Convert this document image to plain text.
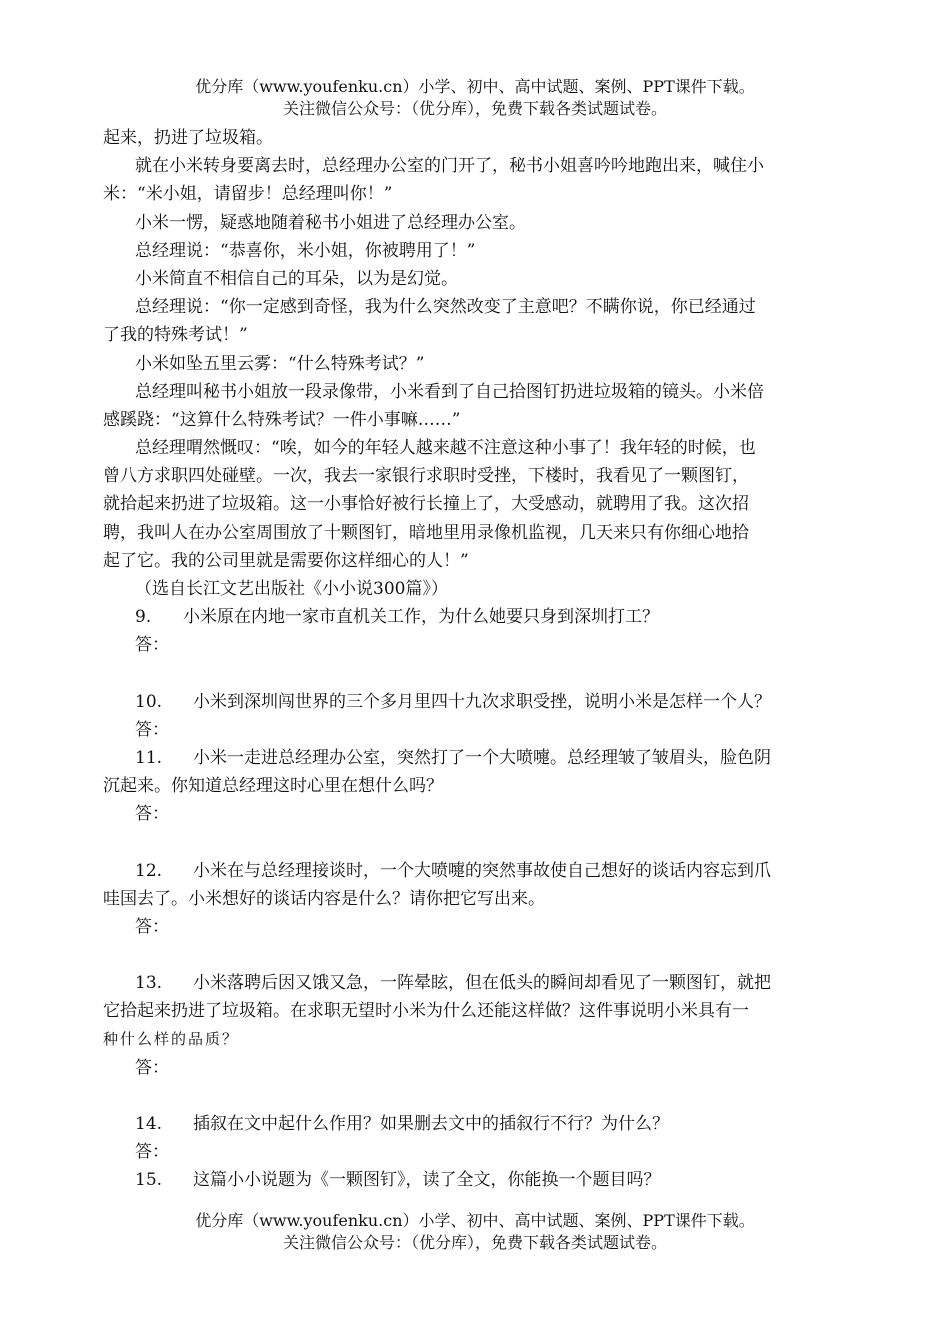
优分库（www.youfenku.cn）小学、初中、高中试题、案例、PPT课件下载。
关注微信公众号：（优分库），免费下载各类试题试卷。
起来，扔进了垃圾箱。
就在小米转身要离去时，总经理办公室的门开了，秘书小姐喜吟吟地跑出来，喊住小
米：“米小姐，请留步！总经理叫你！”
小米一愣，疑惑地随着秘书小姐进了总经理办公室。
总经理说：“恭喜你，米小姐，你被聘用了！”
小米简直不相信自己的耳朵，以为是幻觉。
总经理说：“你一定感到奇怪，我为什么突然改变了主意吧？不瞒你说，你已经通过
了我的特殊考试！”
小米如坠五里云雾：“什么特殊考试？”
总经理叫秘书小姐放一段录像带，小米看到了自己拾图钉扔进垃圾箱的镜头。小米倍
感蹊跷：“这算什么特殊考试？一件小事嘛……”
总经理喟然慨叹：“唉，如今的年轻人越来越不注意这种小事了！我年轻的时候，也
曾八方求职四处碰壁。一次，我去一家银行求职时受挫，下楼时，我看见了一颗图钉，
就拾起来扔进了垃圾箱。这一小事恰好被行长撞上了，大受感动，就聘用了我。这次招
聘，我叫人在办公室周围放了十颗图钉，暗地里用录像机监视，几天来只有你细心地拾
起了它。我的公司里就是需要你这样细心的人！”
（选自长江文艺出版社《小小说300篇》）
9. 小米原在内地一家市直机关工作，为什么她要只身到深圳打工？
答：
10. 小米到深圳闯世界的三个多月里四十九次求职受挫，说明小米是怎样一个人？
答：
11. 小米一走进总经理办公室，突然打了一个大喷嚏。总经理皱了皱眉头，脸色阴
沉起来。你知道总经理这时心里在想什么吗？
答：
12. 小米在与总经理接谈时，一个大喷嚏的突然事故使自己想好的谈话内容忘到爪
哇国去了。小米想好的谈话内容是什么？请你把它写出来。
答：
13. 小米落聘后因又饿又急，一阵晕眩，但在低头的瞬间却看见了一颗图钉，就把
它拾起来扔进了垃圾箱。在求职无望时小米为什么还能这样做？这件事说明小米具有一
种什么样的品质？
答：
14. 插叙在文中起什么作用？如果删去文中的插叙行不行？为什么？
答：
15. 这篇小小说题为《一颗图钉》，读了全文，你能换一个题目吗？
优分库（www.youfenku.cn）小学、初中、高中试题、案例、PPT课件下载。
关注微信公众号：（优分库），免费下载各类试题试卷。
